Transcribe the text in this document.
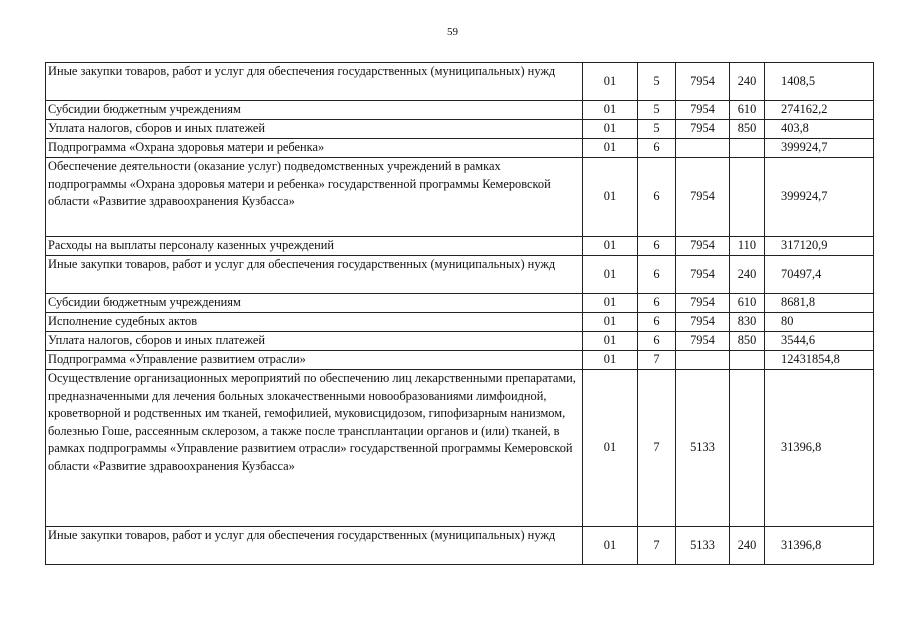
59
Иные закупки товаров, работ и услуг для обеспечения государственных (муниципальных) нужд	01	5	7954	240	1408,5
Субсидии бюджетным учреждениям	01	5	7954	610	274162,2
Уплата налогов, сборов и иных платежей	01	5	7954	850	403,8
Подпрограмма «Охрана здоровья матери и ребенка»	01	6			399924,7
Обеспечение деятельности (оказание услуг) подведомственных учреждений в рамках подпрограммы «Охрана здоровья матери и ребенка» государственной программы Кемеровской области «Развитие здравоохранения Кузбасса»	01	6	7954		399924,7
Расходы на выплаты персоналу казенных учреждений	01	6	7954	110	317120,9
Иные закупки товаров, работ и услуг для обеспечения государственных (муниципальных) нужд	01	6	7954	240	70497,4
Субсидии бюджетным учреждениям	01	6	7954	610	8681,8
Исполнение судебных актов	01	6	7954	830	80
Уплата налогов, сборов и иных платежей	01	6	7954	850	3544,6
Подпрограмма «Управление развитием отрасли»	01	7			12431854,8
Осуществление организационных мероприятий по обеспечению лиц лекарственными препаратами, предназначенными для лечения больных злокачественными новообразованиями лимфоидной, кроветворной и родственных им тканей, гемофилией, муковисцидозом, гипофизарным нанизмом, болезнью Гоше, рассеянным склерозом, а также после трансплантации органов и (или) тканей, в рамках подпрограммы «Управление развитием отрасли» государственной программы Кемеровской области «Развитие здравоохранения Кузбасса»	01	7	5133		31396,8
Иные закупки товаров, работ и услуг для обеспечения государственных (муниципальных) нужд	01	7	5133	240	31396,8
